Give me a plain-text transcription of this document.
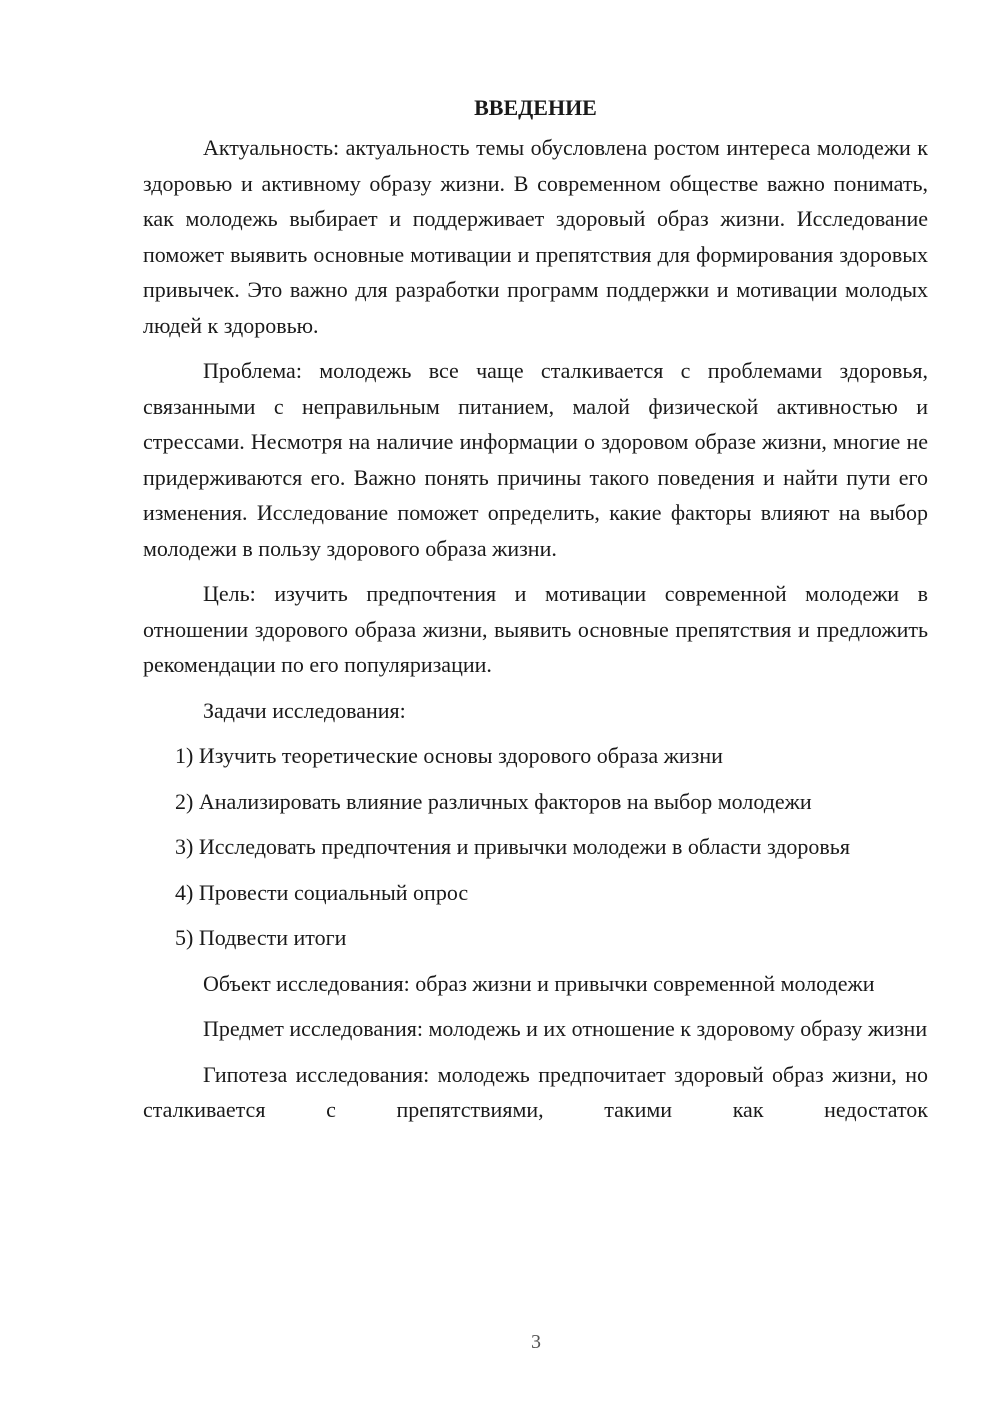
ВВЕДЕНИЕ

Актуальность: актуальность темы обусловлена ростом интереса молодежи к здоровью и активному образу жизни. В современном обществе важно понимать, как молодежь выбирает и поддерживает здоровый образ жизни. Исследование поможет выявить основные мотивации и препятствия для формирования здоровых привычек. Это важно для разработки программ поддержки и мотивации молодых людей к здоровью.

Проблема: молодежь все чаще сталкивается с проблемами здоровья, связанными с неправильным питанием, малой физической активностью и стрессами. Несмотря на наличие информации о здоровом образе жизни, многие не придерживаются его. Важно понять причины такого поведения и найти пути его изменения. Исследование поможет определить, какие факторы влияют на выбор молодежи в пользу здорового образа жизни.

Цель: изучить предпочтения и мотивации современной молодежи в отношении здорового образа жизни, выявить основные препятствия и предложить рекомендации по его популяризации.

Задачи исследования:

1) Изучить теоретические основы здорового образа жизни

2) Анализировать влияние различных факторов на выбор молодежи

3) Исследовать предпочтения и привычки молодежи в области здоровья

4) Провести социальный опрос

5) Подвести итоги

Объект исследования: образ жизни и привычки современной молодежи

Предмет исследования: молодежь и их отношение к здоровому образу жизни

Гипотеза исследования: молодежь предпочитает здоровый образ жизни, но сталкивается с препятствиями, такими как недостаток

3
